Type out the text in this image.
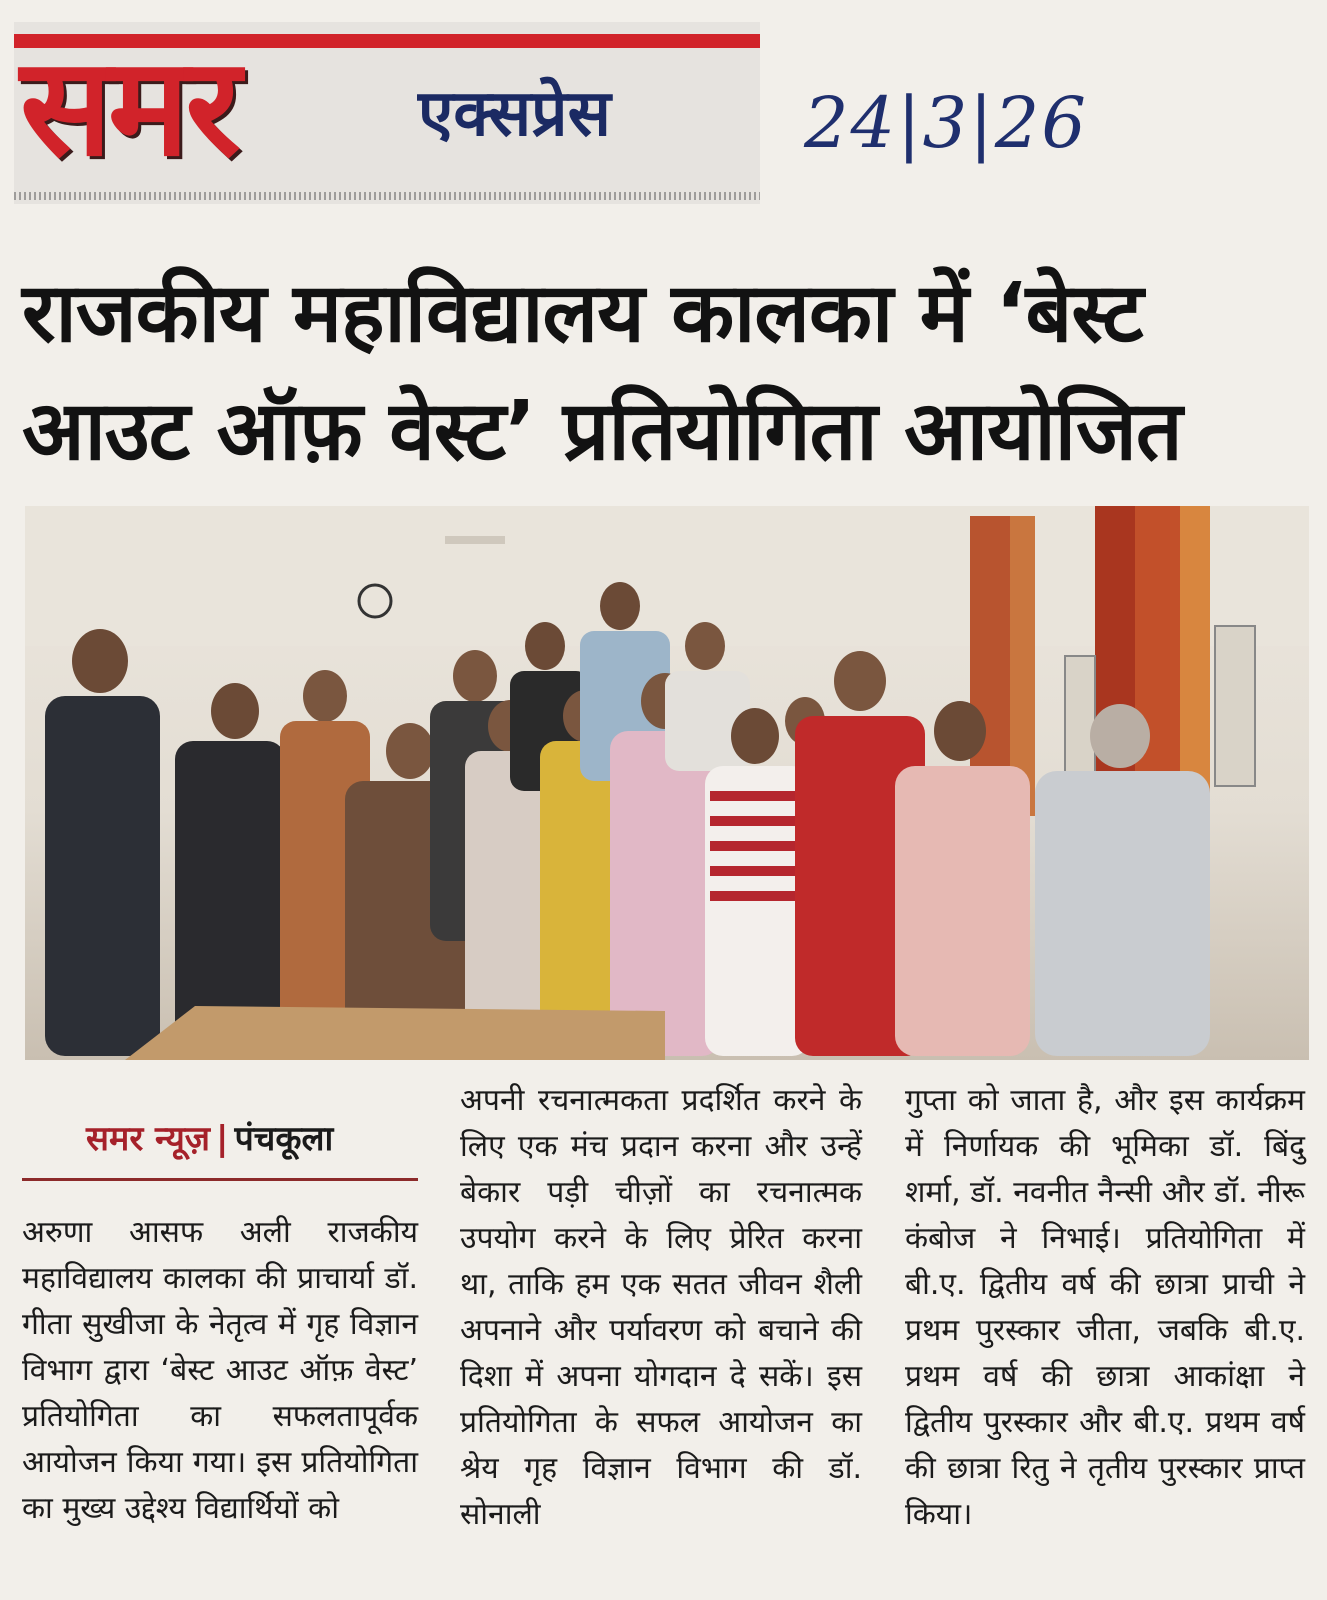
समर	एक्सप्रेस	24|3|26
राजकीय महाविद्यालय कालका में ‘बेस्ट आउट ऑफ़ वेस्ट’ प्रतियोगिता आयोजित

समर न्यूज़ | पंचकूला

अरुणा आसफ अली राजकीय महाविद्यालय कालका की प्राचार्या डॉ. गीता सुखीजा के नेतृत्व में गृह विज्ञान विभाग द्वारा ‘बेस्ट आउट ऑफ़ वेस्ट’ प्रतियोगिता का सफलतापूर्वक आयोजन किया गया। इस प्रतियोगिता का मुख्य उद्देश्य विद्यार्थियों को

अपनी रचनात्मकता प्रदर्शित करने के लिए एक मंच प्रदान करना और उन्हें बेकार पड़ी चीज़ों का रचनात्मक उपयोग करने के लिए प्रेरित करना था, ताकि हम एक सतत जीवन शैली अपनाने और पर्यावरण को बचाने की दिशा में अपना योगदान दे सकें। इस प्रतियोगिता के सफल आयोजन का श्रेय गृह विज्ञान विभाग की डॉ. सोनाली

गुप्ता को जाता है, और इस कार्यक्रम में निर्णायक की भूमिका डॉ. बिंदु शर्मा, डॉ. नवनीत नैन्सी और डॉ. नीरू कंबोज ने निभाई। प्रतियोगिता में बी.ए. द्वितीय वर्ष की छात्रा प्राची ने प्रथम पुरस्कार जीता, जबकि बी.ए. प्रथम वर्ष की छात्रा आकांक्षा ने द्वितीय पुरस्कार और बी.ए. प्रथम वर्ष की छात्रा रितु ने तृतीय पुरस्कार प्राप्त किया।
